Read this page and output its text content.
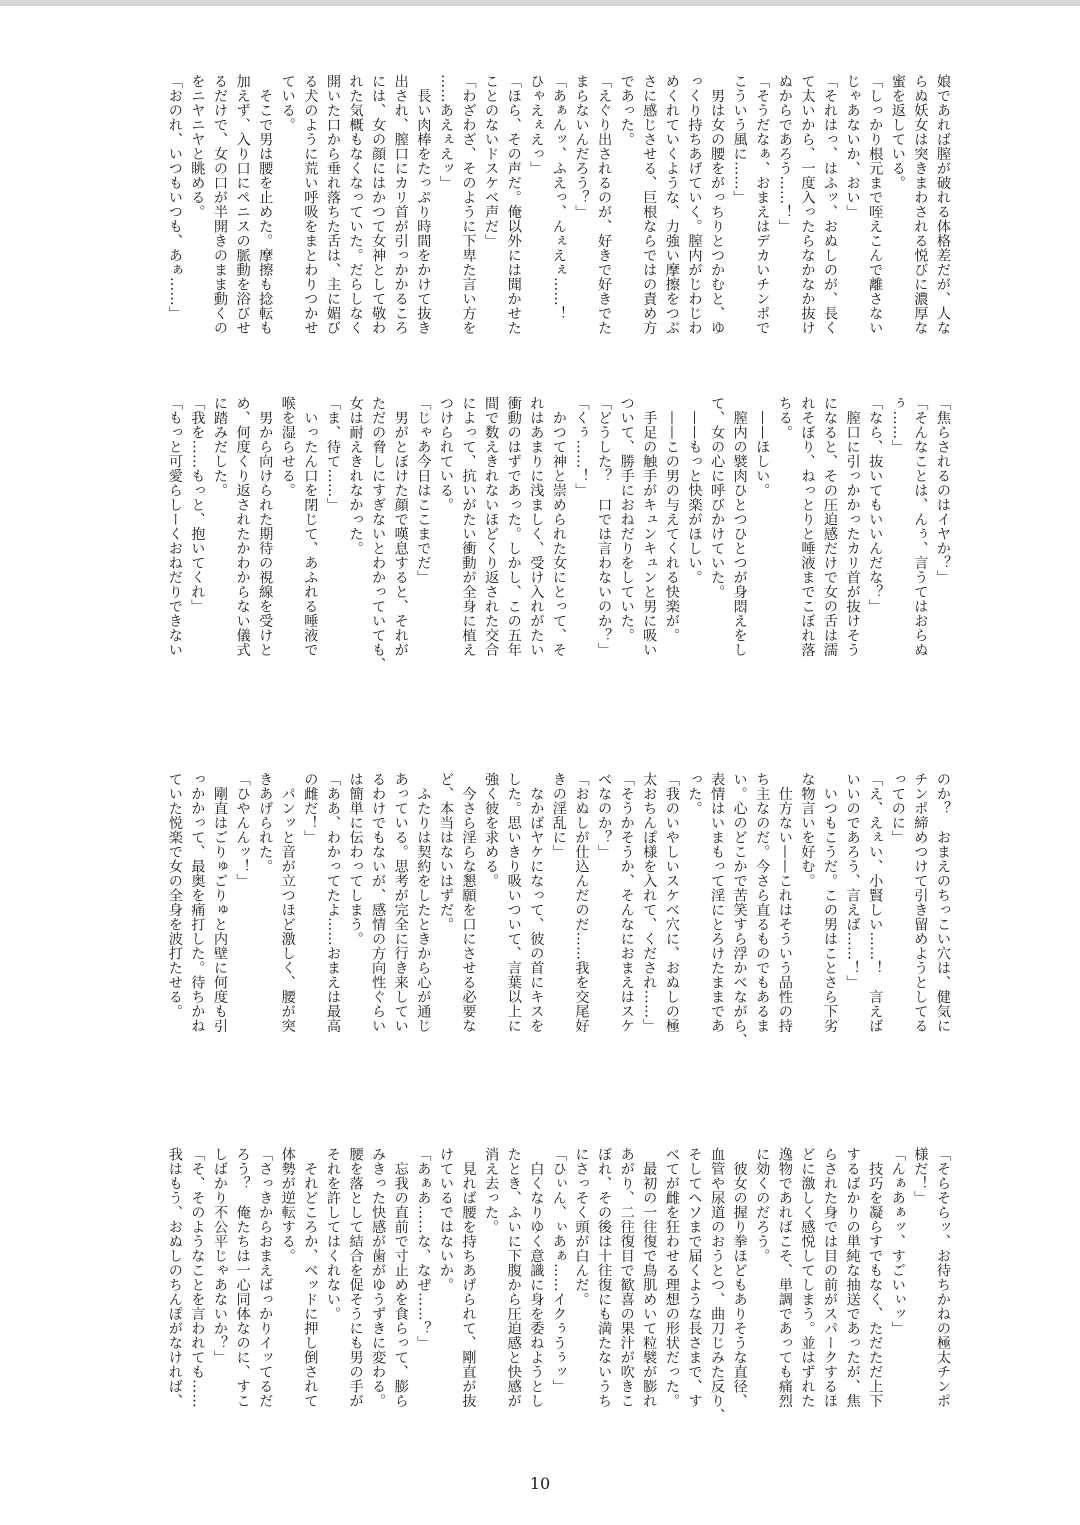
娘であれば膣が破れる体格差だが、人な
らぬ妖女は突きまわされる悦びに濃厚な
蜜を返している。
「しっかり根元まで咥えこんで離さない
じゃあないか、おい」
「それはっ、はふッ、おぬしのが、長く
て太いから、一度入ったらなかなか抜け
ぬからであろう……！」
「そうだなぁ、おまえはデカいチンポで
こういう風に……」
　男は女の腰をがっちりとつかむと、ゆ
っくり持ちあげていく。膣内がじわじわ
めくれていくような、力強い摩擦をつぶ
さに感じさせる、巨根ならではの責め方
であった。
「えぐり出されるのが、好きで好きでた
まらないんだろう？」
「あぁんッ、ふえっ、んぇえぇ……！
ひゃえぇえっ」
「ほら、その声だ。俺以外には聞かせた
ことのないドスケベ声だ」
「わざわざ、そのように下卑た言い方を
……あえぇえッ」
　長い肉棒をたっぷり時間をかけて抜き
出され、膣口にカリ首が引っかかるころ
には、女の顔にはかつて女神として敬わ
れた気概もなくなっていた。だらしなく
開いた口から垂れ落ちた舌は、主に媚び
る犬のように荒い呼吸をまとわりつかせ
ている。
　そこで男は腰を止めた。摩擦も捻転も
加えず、入り口にペニスの脈動を浴びせ
るだけで、女の口が半開きのまま動くの
をニヤニヤと眺める。
「おのれ、いつもいつも、あぁ……」
「焦らされるのはイヤか？」
「そんなことは、んぅ、言うてはおらぬ
ぅ……」
「なら、抜いてもいいんだな？」
　膣口に引っかかったカリ首が抜けそう
になると、その圧迫感だけで女の舌は濡
れそぼり、ねっとりと唾液までこぼれ落
ちる。
　——ほしい。
　膣内の襞肉ひとつひとつが身悶えをし
て、女の心に呼びかけていた。
　——もっと快楽がほしい。
　——この男の与えてくれる快楽が。
　手足の触手がキュンキュンと男に吸い
ついて、勝手におねだりをしていた。
「どうした？　口では言わないのか？」
「くぅ……！」
　かつて神と崇められた女にとって、そ
れはあまりに浅ましく、受け入れがたい
衝動のはずであった。しかし、この五年
間で数えきれないほどくり返された交合
によって、抗いがたい衝動が全身に植え
つけられている。
「じゃあ今日はここまでだ」
　男がとぼけた顔で嘆息すると、それが
ただの脅しにすぎないとわかっていても、
女は耐えきれなかった。
「ま、待て……」
　いったん口を閉じて、あふれる唾液で
喉を湿らせる。
　男から向けられた期待の視線を受けと
め、何度くり返されたかわからない儀式
に踏みだした。
「我を……もっと、抱いてくれ」
「もっと可愛らしーくおねだりできない
のか？　おまえのちっこい穴は、健気に
チンポ締めつけて引き留めようとしてる
ってのに」
「え、えぇい、小賢しい……！　言えば
いいのであろう、言えば……！」
　いつもこうだ。この男はことさら下劣
な物言いを好む。
　仕方ない——これはそういう品性の持
ち主なのだ。今さら直るものでもあるま
い。心のどこかで苦笑すら浮かべながら、
表情はいまもって淫にとろけたままであ
った。
「我のいやしいスケベ穴に、おぬしの極
太おちんぽ様を入れて、くだされ……」
「そうかそうか、そんなにおまえはスケ
べなのか？」
「おぬしが仕込んだのだ……我を交尾好
きの淫乱に」
　なかばヤケになって、彼の首にキスを
した。思いきり吸いついて、言葉以上に
強く彼を求める。
　今さら淫らな懇願を口にさせる必要な
ど、本当はないはずだ。
　ふたりは契約をしたときから心が通じ
あっている。思考が完全に行き来してい
るわけでもないが、感情の方向性ぐらい
は簡単に伝わってしまう。
「ああ、わかってたよ……おまえは最高
の雌だ！」
　パンッと音が立つほど激しく、腰が突
きあげられた。
「ひやんんッ！」
　剛直はごりゅごりゅと内壁に何度も引
っかかって、最奥を痛打した。待ちかね
ていた悦楽で女の全身を波打たせる。
「そらそらッ、お待ちかねの極太チンポ
様だ！」
「んぁあぁッ、すごいぃッ」
　技巧を凝らすでもなく、ただただ上下
するばかりの単純な抽送であったが、焦
らされた身では目の前がスパークするほ
どに激しく感悦してしまう。並はずれた
逸物であればこそ、単調であっても痛烈
に効くのだろう。
　彼女の握り拳ほどもありそうな直径、
血管や尿道のおうとつ、曲刀じみた反り、
そしてヘソまで届くような長さまで、す
べてが雌を狂わせる理想の形状だった。
　最初の一往復で鳥肌めいて粒襞が膨れ
あがり、二往復目で歓喜の果汁が吹きこ
ぼれ、その後は十往復にも満たないうち
にさっそく頭が白んだ。
「ひぃん、ぃあぁ……イクぅうぅッ」
　白くなりゆく意識に身を委ねようとし
たとき、ふいに下腹から圧迫感と快感が
消え去った。
　見れば腰を持ちあげられて、剛直が抜
けているではないか。
「あぁあ……な、なぜ……？」
　忘我の直前で寸止めを食らって、膨ら
みきった快感が歯がゆうずきに変わる。
腰を落として結合を促そうにも男の手が
それを許してはくれない。
　それどころか、ベッドに押し倒されて
体勢が逆転する。
「さっきからおまえばっかりイッてるだ
ろう？　俺たちは一心同体なのに、すこ
しばかり不公平じゃあないか？」
「そ、そのようなことを言われても……
我はもう、おぬしのちんぽがなければ、
10
